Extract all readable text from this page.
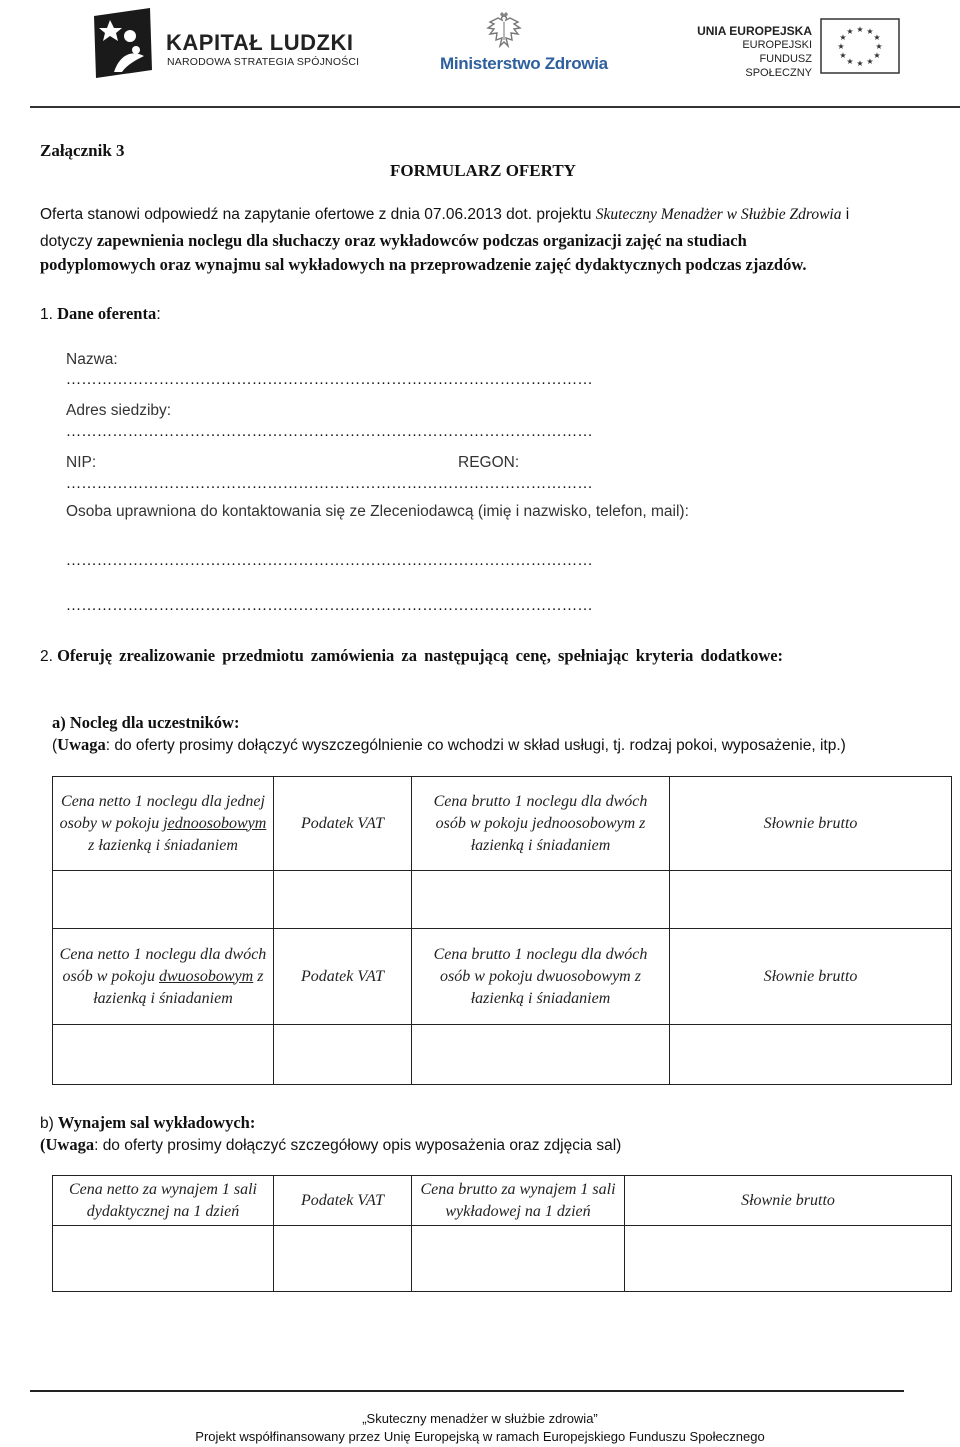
KAPITAŁ LUDZKI
NARODOWA STRATEGIA SPÓJNOŚCI	Ministerstwo Zdrowia
UNIA EUROPEJSKA
EUROPEJSKI
FUNDUSZ SPOŁECZNY
★ ★
★
★
★
★
★
★
★
★
★
★
Załącznik 3
FORMULARZ OFERTY
Oferta stanowi odpowiedź na zapytanie ofertowe z dnia 07.06.2013 dot. projektu Skuteczny Menadżer w Służbie Zdrowia i
dotyczy zapewnienia noclegu dla słuchaczy oraz wykładowców podczas organizacji zajęć na studiach
podyplomowych oraz wynajmu sal wykładowych na przeprowadzenie zajęć dydaktycznych podczas zjazdów.
1. Dane oferenta:
Nazwa:
…………………………………………………………………………………………
Adres siedziby:
…………………………………………………………………………………………
NIP:	REGON:
…………………………………………………………………………………………
Osoba uprawniona do kontaktowania się ze Zleceniodawcą (imię i nazwisko, telefon, mail):
…………………………………………………………………………………………
…………………………………………………………………………………………
2. Oferuję zrealizowanie przedmiotu zamówienia za następującą cenę, spełniając kryteria dodatkowe:
a) Nocleg dla uczestników:
(Uwaga: do oferty prosimy dołączyć wyszczególnienie co wchodzi w skład usługi, tj. rodzaj pokoi, wyposażenie, itp.)
Cena netto 1 noclegu dla jednej osoby w pokoju jednoosobowym z łazienką i śniadaniem	Podatek VAT	Cena brutto 1 noclegu dla dwóch osób w pokoju jednoosobowym z łazienką i śniadaniem	Słownie brutto

Cena netto 1 noclegu dla dwóch osób w pokoju dwuosobowym z łazienką i śniadaniem	Podatek VAT	Cena brutto 1 noclegu dla dwóch osób w pokoju dwuosobowym z łazienką i śniadaniem	Słownie brutto

b) Wynajem sal wykładowych:
(Uwaga: do oferty prosimy dołączyć szczegółowy opis wyposażenia oraz zdjęcia sal)
Cena netto za wynajem 1 sali dydaktycznej na 1 dzień	Podatek VAT	Cena brutto za wynajem 1 sali wykładowej na 1 dzień	Słownie brutto

„Skuteczny menadżer w służbie zdrowia”
Projekt współfinansowany przez Unię Europejską w ramach Europejskiego Funduszu Społecznego
